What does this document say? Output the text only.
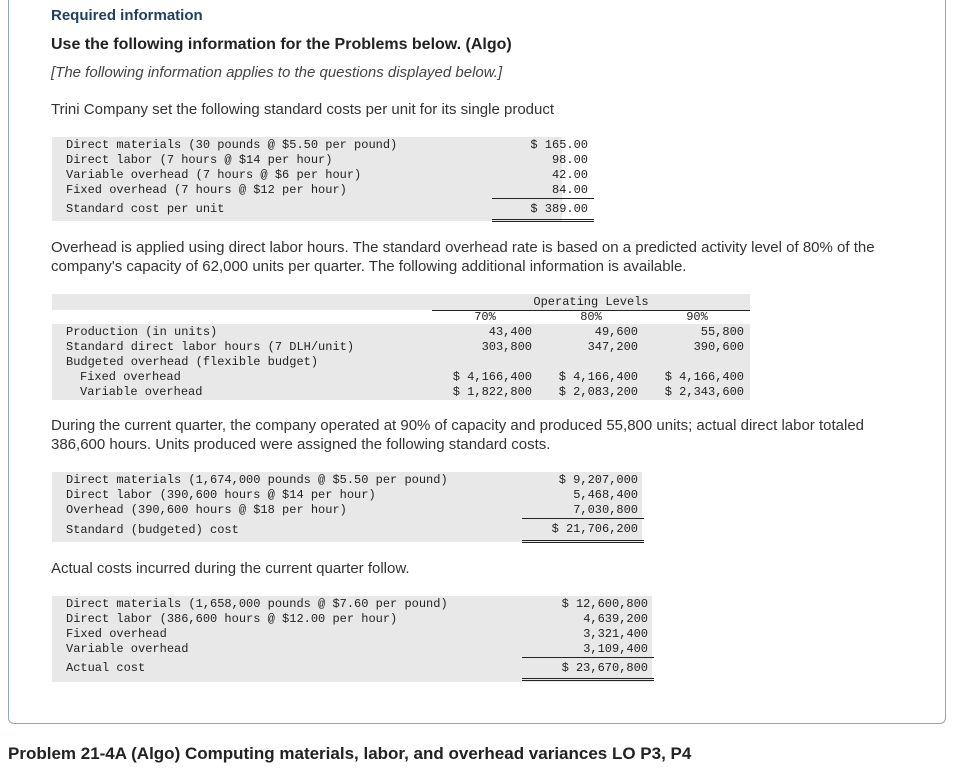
Required information
Use the following information for the Problems below. (Algo)
[The following information applies to the questions displayed below.]
Trini Company set the following standard costs per unit for its single product
Direct materials (30 pounds @ $5.50 per pound)	$ 165.00
Direct labor (7 hours @ $14 per hour)	98.00
Variable overhead (7 hours @ $6 per hour)	42.00
Fixed overhead (7 hours @ $12 per hour)	84.00
Standard cost per unit	$ 389.00
Overhead is applied using direct labor hours. The standard overhead rate is based on a predicted activity level of 80% of the company's capacity of 62,000 units per quarter. The following additional information is available.
Operating Levels
	70%	80%	90%
Production (in units)	43,400	49,600	55,800
Standard direct labor hours (7 DLH/unit)	303,800	347,200	390,600
Budgeted overhead (flexible budget)			
Fixed overhead	$ 4,166,400	$ 4,166,400	$ 4,166,400
Variable overhead	$ 1,822,800	$ 2,083,200	$ 2,343,600
During the current quarter, the company operated at 90% of capacity and produced 55,800 units; actual direct labor totaled 386,600 hours. Units produced were assigned the following standard costs.
Direct materials (1,674,000 pounds @ $5.50 per pound)	$ 9,207,000
Direct labor (390,600 hours @ $14 per hour)	5,468,400
Overhead (390,600 hours @ $18 per hour)	7,030,800
Standard (budgeted) cost	$ 21,706,200
Actual costs incurred during the current quarter follow.
Direct materials (1,658,000 pounds @ $7.60 per pound)	$ 12,600,800
Direct labor (386,600 hours @ $12.00 per hour)	4,639,200
Fixed overhead	3,321,400
Variable overhead	3,109,400
Actual cost	$ 23,670,800
Problem 21-4A (Algo) Computing materials, labor, and overhead variances LO P3, P4
